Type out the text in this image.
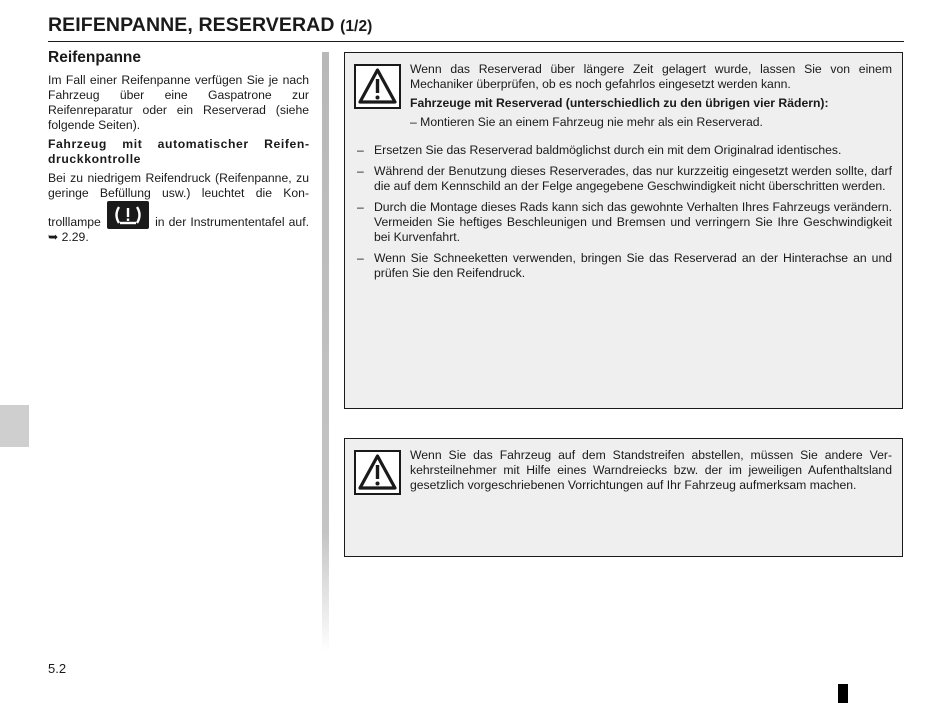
REIFENPANNE, RESERVERAD (1/2)
Reifenpanne

Im Fall einer Reifenpanne verfügen Sie je nach Fahrzeug über eine Gaspatrone zur Reifenreparatur oder ein Reserverad (siehe folgende Seiten).

Fahrzeug mit automatischer Reifendruckkontrolle

Bei zu niedrigem Reifendruck (Reifenpanne, zu geringe Befüllung usw.) leuchtet die Kontrolllampe	in der Instrumententafel auf. ➥ 2.29.

Wenn das Reserverad über längere Zeit gelagert wurde, lassen Sie von einem Mechaniker überprüfen, ob es noch gefahrlos eingesetzt werden kann.

Fahrzeuge mit Reserverad (unterschiedlich zu den übrigen vier Rädern):

– Montieren Sie an einem Fahrzeug nie mehr als ein Reserverad.

– Ersetzen Sie das Reserverad baldmöglichst durch ein mit dem Originalrad identisches.
– Während der Benutzung dieses Reserverades, das nur kurzzeitig eingesetzt werden sollte, darf die auf dem Kennschild an der Felge angegebene Geschwindigkeit nicht überschritten werden.
– Durch die Montage dieses Rads kann sich das gewohnte Verhalten Ihres Fahrzeugs verändern. Vermeiden Sie heftiges Beschleunigen und Bremsen und verringern Sie Ihre Geschwindigkeit bei Kurvenfahrt.
– Wenn Sie Schneeketten verwenden, bringen Sie das Reserverad an der Hinterachse an und prüfen Sie den Reifendruck.

Wenn Sie das Fahrzeug auf dem Standstreifen abstellen, müssen Sie andere Verkehrsteilnehmer mit Hilfe eines Warndreiecks bzw. der im jeweiligen Aufenthaltsland gesetzlich vorgeschriebenen Vorrichtungen auf Ihr Fahrzeug aufmerksam machen.

5.2
